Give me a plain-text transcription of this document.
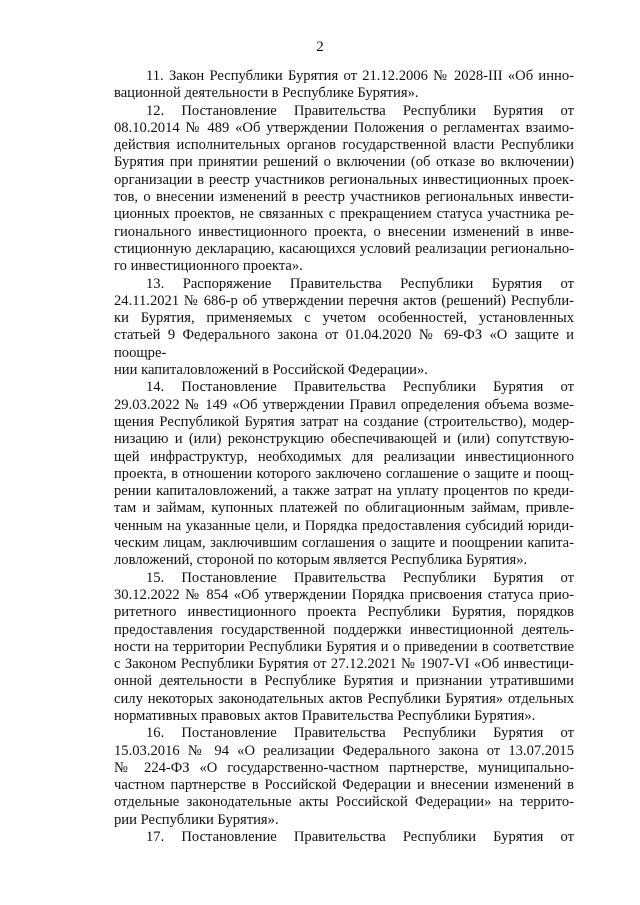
2
11. Закон Республики Бурятия от 21.12.2006 № 2028-III «Об инно-
вационной деятельности в Республике Бурятия».
12. Постановление Правительства Республики Бурятия от
08.10.2014 № 489 «Об утверждении Положения о регламентах взаимо-
действия исполнительных органов государственной власти Республики
Бурятия при принятии решений о включении (об отказе во включении)
организации в реестр участников региональных инвестиционных проек-
тов, о внесении изменений в реестр участников региональных инвести-
ционных проектов, не связанных с прекращением статуса участника ре-
гионального инвестиционного проекта, о внесении изменений в инве-
стиционную декларацию, касающихся условий реализации регионально-
го инвестиционного проекта».
13. Распоряжение Правительства Республики Бурятия от
24.11.2021 № 686-р об утверждении перечня актов (решений) Республи-
ки Бурятия, применяемых с учетом особенностей, установленных статьей 9 Федерального закона от 01.04.2020 № 69-ФЗ «О защите и поощре-
нии капиталовложений в Российской Федерации».
14. Постановление Правительства Республики Бурятия от
29.03.2022 № 149 «Об утверждении Правил определения объема возме-
щения Республикой Бурятия затрат на создание (строительство), модер-
низацию и (или) реконструкцию обеспечивающей и (или) сопутствую-
щей инфраструктур, необходимых для реализации инвестиционного
проекта, в отношении которого заключено соглашение о защите и поощ-
рении капиталовложений, а также затрат на уплату процентов по креди-
там и займам, купонных платежей по облигационным займам, привле-
ченным на указанные цели, и Порядка предоставления субсидий юриди-
ческим лицам, заключившим соглашения о защите и поощрении капита-
ловложений, стороной по которым является Республика Бурятия».
15. Постановление Правительства Республики Бурятия от
30.12.2022 № 854 «Об утверждении Порядка присвоения статуса прио-
ритетного инвестиционного проекта Республики Бурятия, порядков
предоставления государственной поддержки инвестиционной деятель-
ности на территории Республики Бурятия и о приведении в соответствие
с Законом Республики Бурятия от 27.12.2021 № 1907-VI «Об инвестици-
онной деятельности в Республике Бурятия и признании утратившими
силу некоторых законодательных актов Республики Бурятия» отдельных
нормативных правовых актов Правительства Республики Бурятия».
16. Постановление Правительства Республики Бурятия от
15.03.2016 № 94 «О реализации Федерального закона от 13.07.2015
№ 224-ФЗ «О государственно-частном партнерстве, муниципально-
частном партнерстве в Российской Федерации и внесении изменений в
отдельные законодательные акты Российской Федерации» на террито-
рии Республики Бурятия».
17. Постановление Правительства Республики Бурятия от
